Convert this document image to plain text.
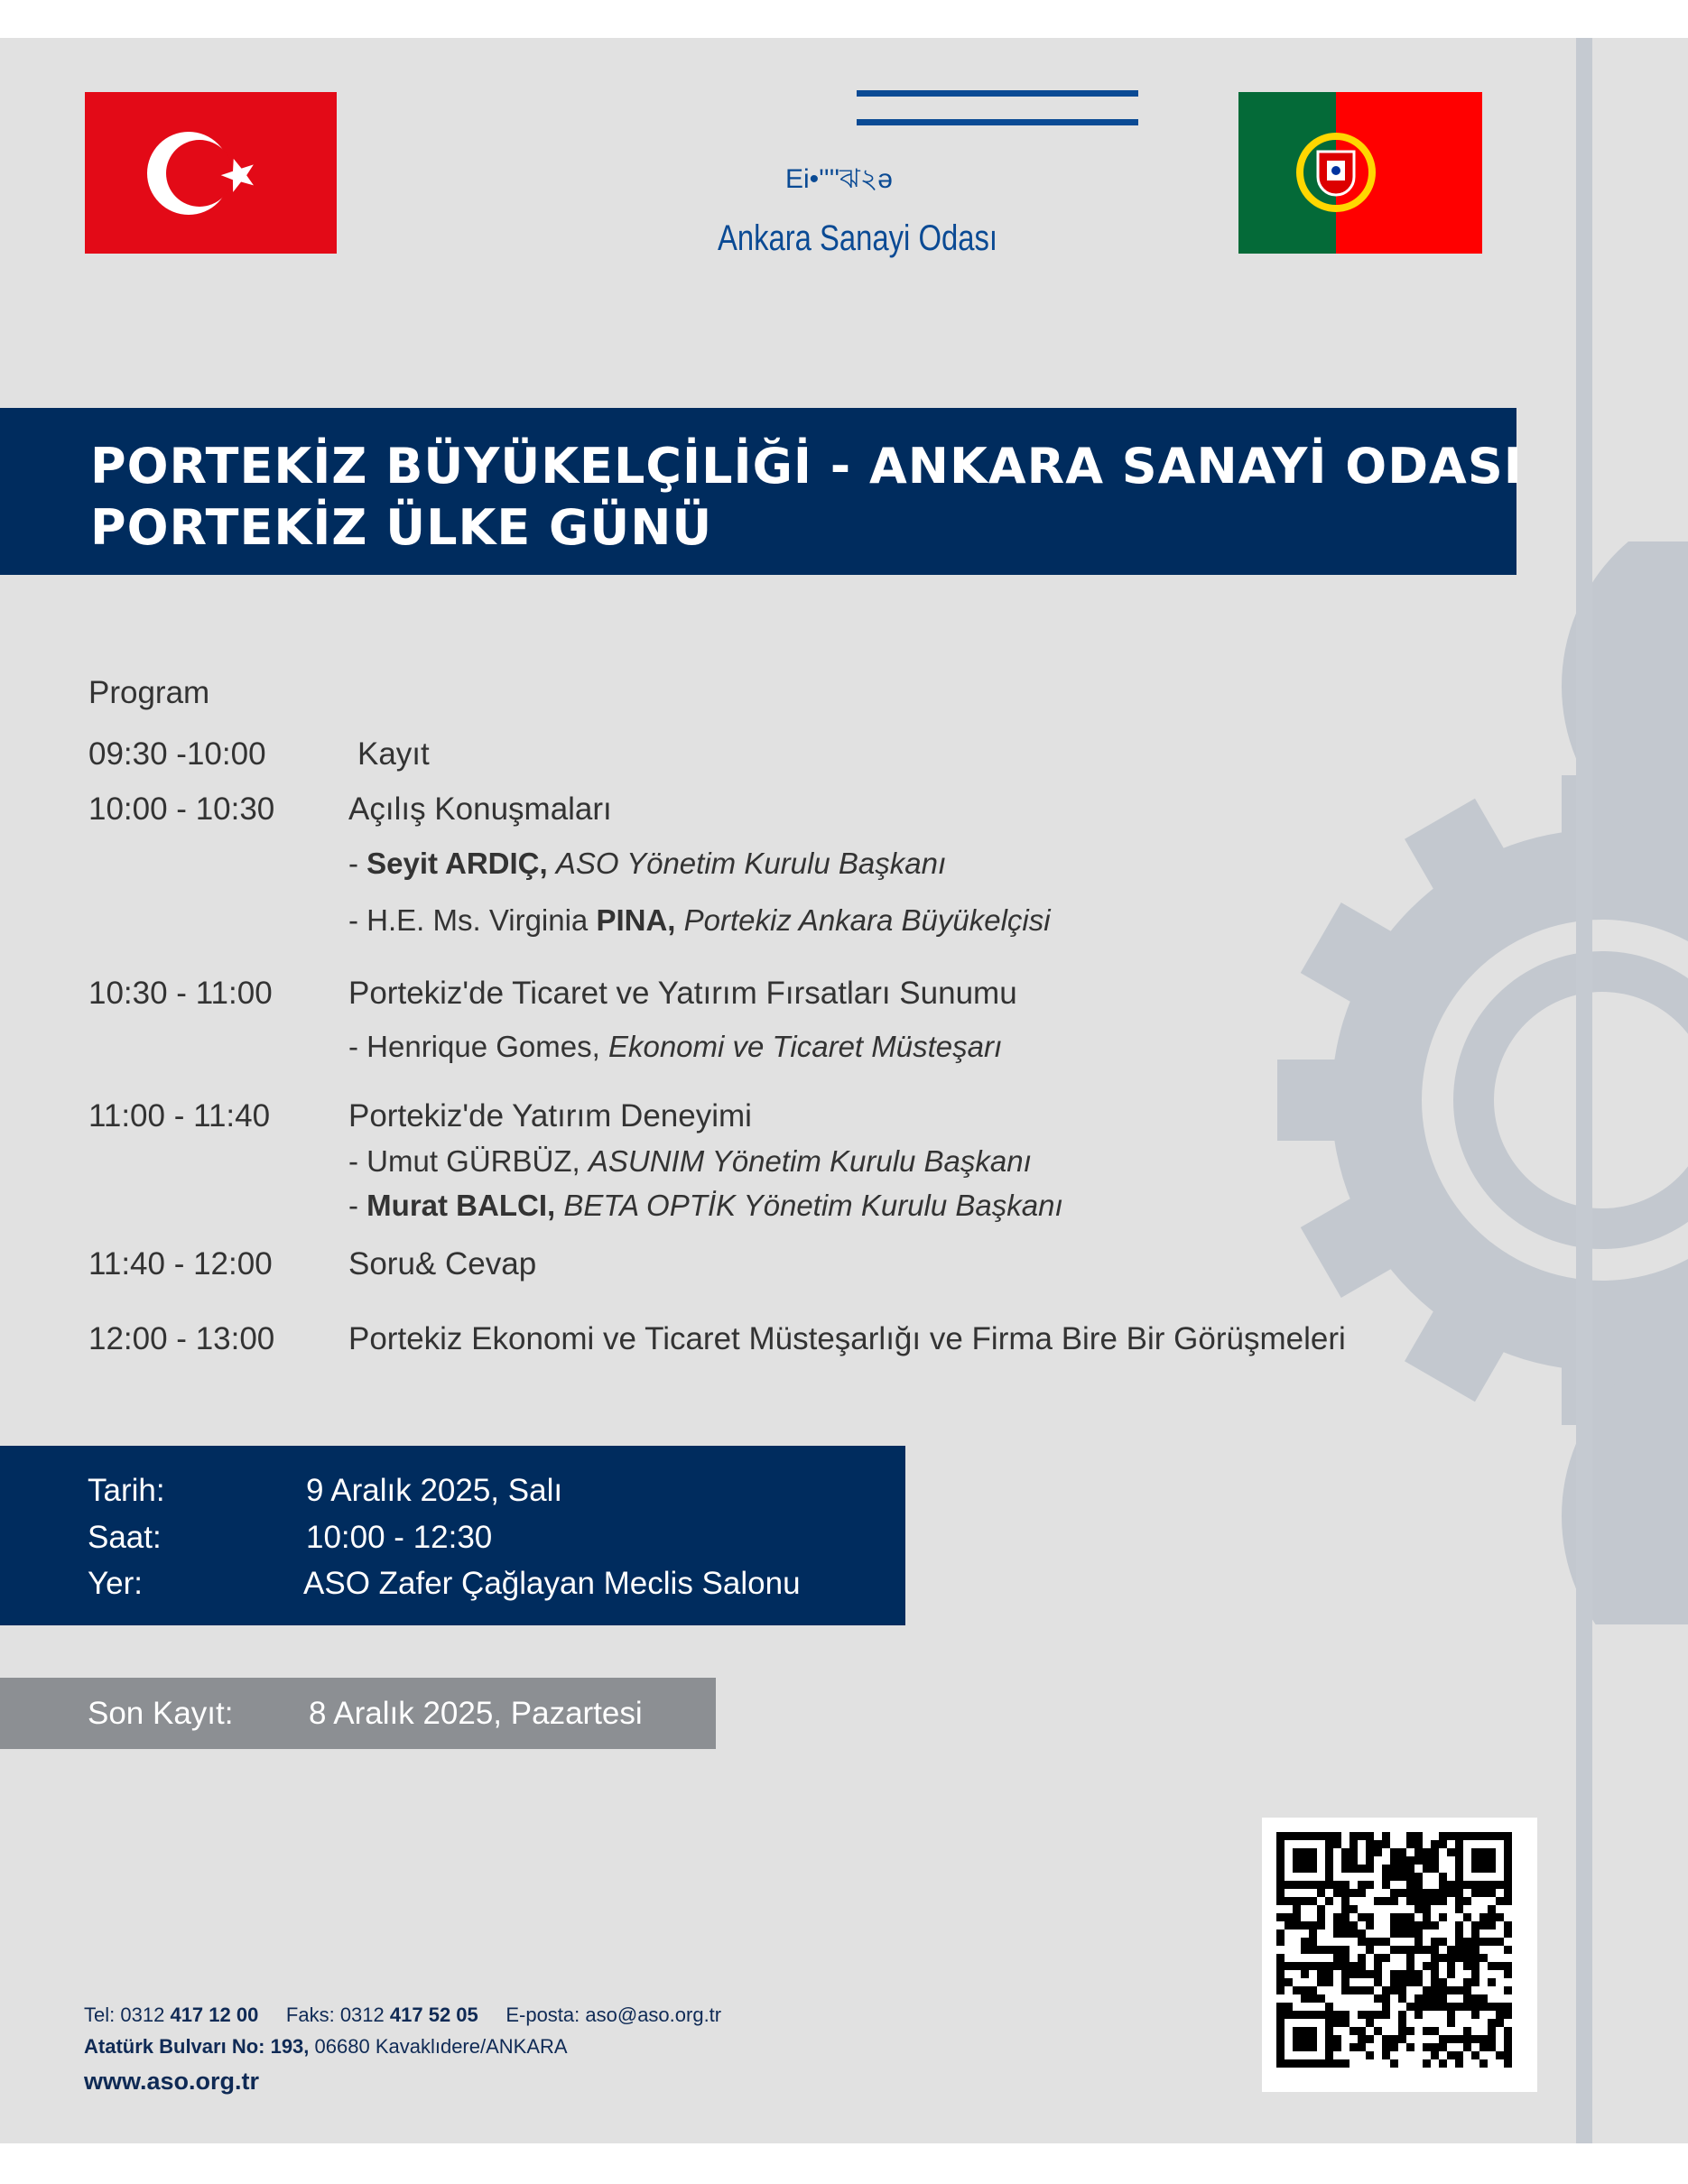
Ei•''''ঝ২ə
Ankara Sanayi Odası
PORTEKİZ BÜYÜKELÇİLİĞİ - ANKARA SANAYİ ODASI
PORTEKİZ ÜLKE GÜNÜ
Program
09:30 -10:00	Kayıt
10:00 - 10:30 Açılış Konuşmaları
- Seyit ARDIÇ, ASO Yönetim Kurulu Başkanı
- H.E. Ms. Virginia PINA, Portekiz Ankara Büyükelçisi
10:30 - 11:00 Portekiz'de Ticaret ve Yatırım Fırsatları Sunumu
- Henrique Gomes, Ekonomi ve Ticaret Müsteşarı
11:00 - 11:40 Portekiz'de Yatırım Deneyimi
- Umut GÜRBÜZ, ASUNIM Yönetim Kurulu Başkanı
- Murat BALCI, BETA OPTİK Yönetim Kurulu Başkanı
11:40 - 12:00 Soru& Cevap
12:00 - 13:00 Portekiz Ekonomi ve Ticaret Müsteşarlığı ve Firma Bire Bir Görüşmeleri
Tarih:	9 Aralık 2025, Salı
Saat:	10:00 - 12:30
Yer:	ASO Zafer Çağlayan Meclis Salonu
Son Kayıt: 8 Aralık 2025, Pazartesi
Tel: 0312 417 12 00 Faks: 0312 417 52 05 E-posta: aso@aso.org.tr
Atatürk Bulvarı No: 193, 06680 Kavaklıdere/ANKARA
www.aso.org.tr
